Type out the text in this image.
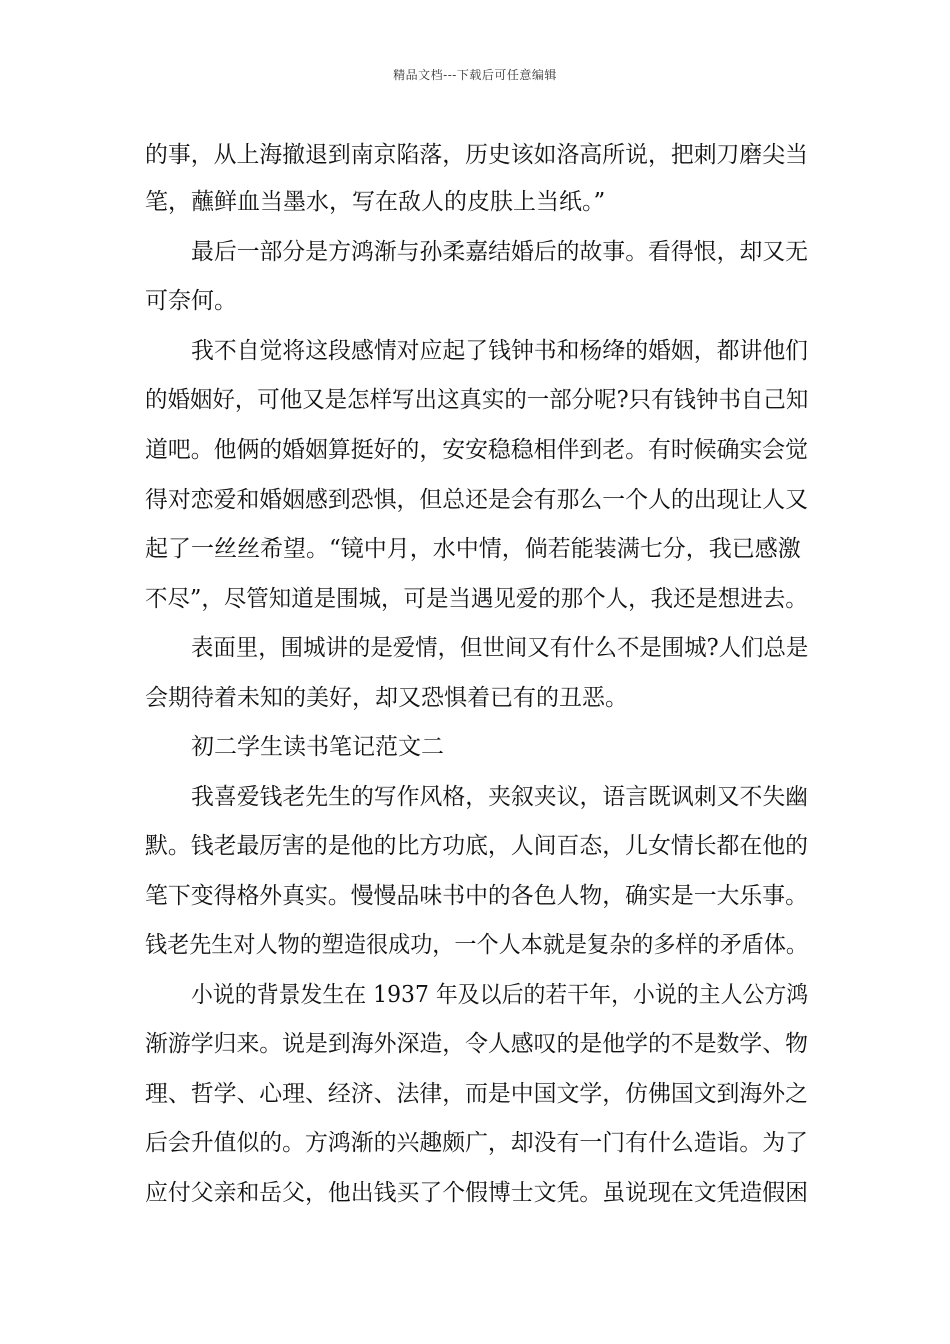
精品文档---下载后可任意编辑
的事，从上海撤退到南京陷落，历史该如洛高所说，把刺刀磨尖当
笔，蘸鲜血当墨水，写在敌人的皮肤上当纸。”
最后一部分是方鸿渐与孙柔嘉结婚后的故事。看得恨，却又无
可奈何。
我不自觉将这段感情对应起了钱钟书和杨绛的婚姻，都讲他们
的婚姻好，可他又是怎样写出这真实的一部分呢?只有钱钟书自己知
道吧。他俩的婚姻算挺好的，安安稳稳相伴到老。有时候确实会觉
得对恋爱和婚姻感到恐惧，但总还是会有那么一个人的出现让人又
起了一丝丝希望。“镜中月，水中情，倘若能装满七分，我已感激
不尽”，尽管知道是围城，可是当遇见爱的那个人，我还是想进去。
表面里，围城讲的是爱情，但世间又有什么不是围城?人们总是
会期待着未知的美好，却又恐惧着已有的丑恶。
初二学生读书笔记范文二
我喜爱钱老先生的写作风格，夹叙夹议，语言既讽刺又不失幽
默。钱老最厉害的是他的比方功底，人间百态，儿女情长都在他的
笔下变得格外真实。慢慢品味书中的各色人物，确实是一大乐事。
钱老先生对人物的塑造很成功，一个人本就是复杂的多样的矛盾体。
小说的背景发生在 1937 年及以后的若干年，小说的主人公方鸿
渐游学归来。说是到海外深造，令人感叹的是他学的不是数学、物
理、哲学、心理、经济、法律，而是中国文学，仿佛国文到海外之
后会升值似的。方鸿渐的兴趣颇广，却没有一门有什么造诣。为了
应付父亲和岳父，他出钱买了个假博士文凭。虽说现在文凭造假困
